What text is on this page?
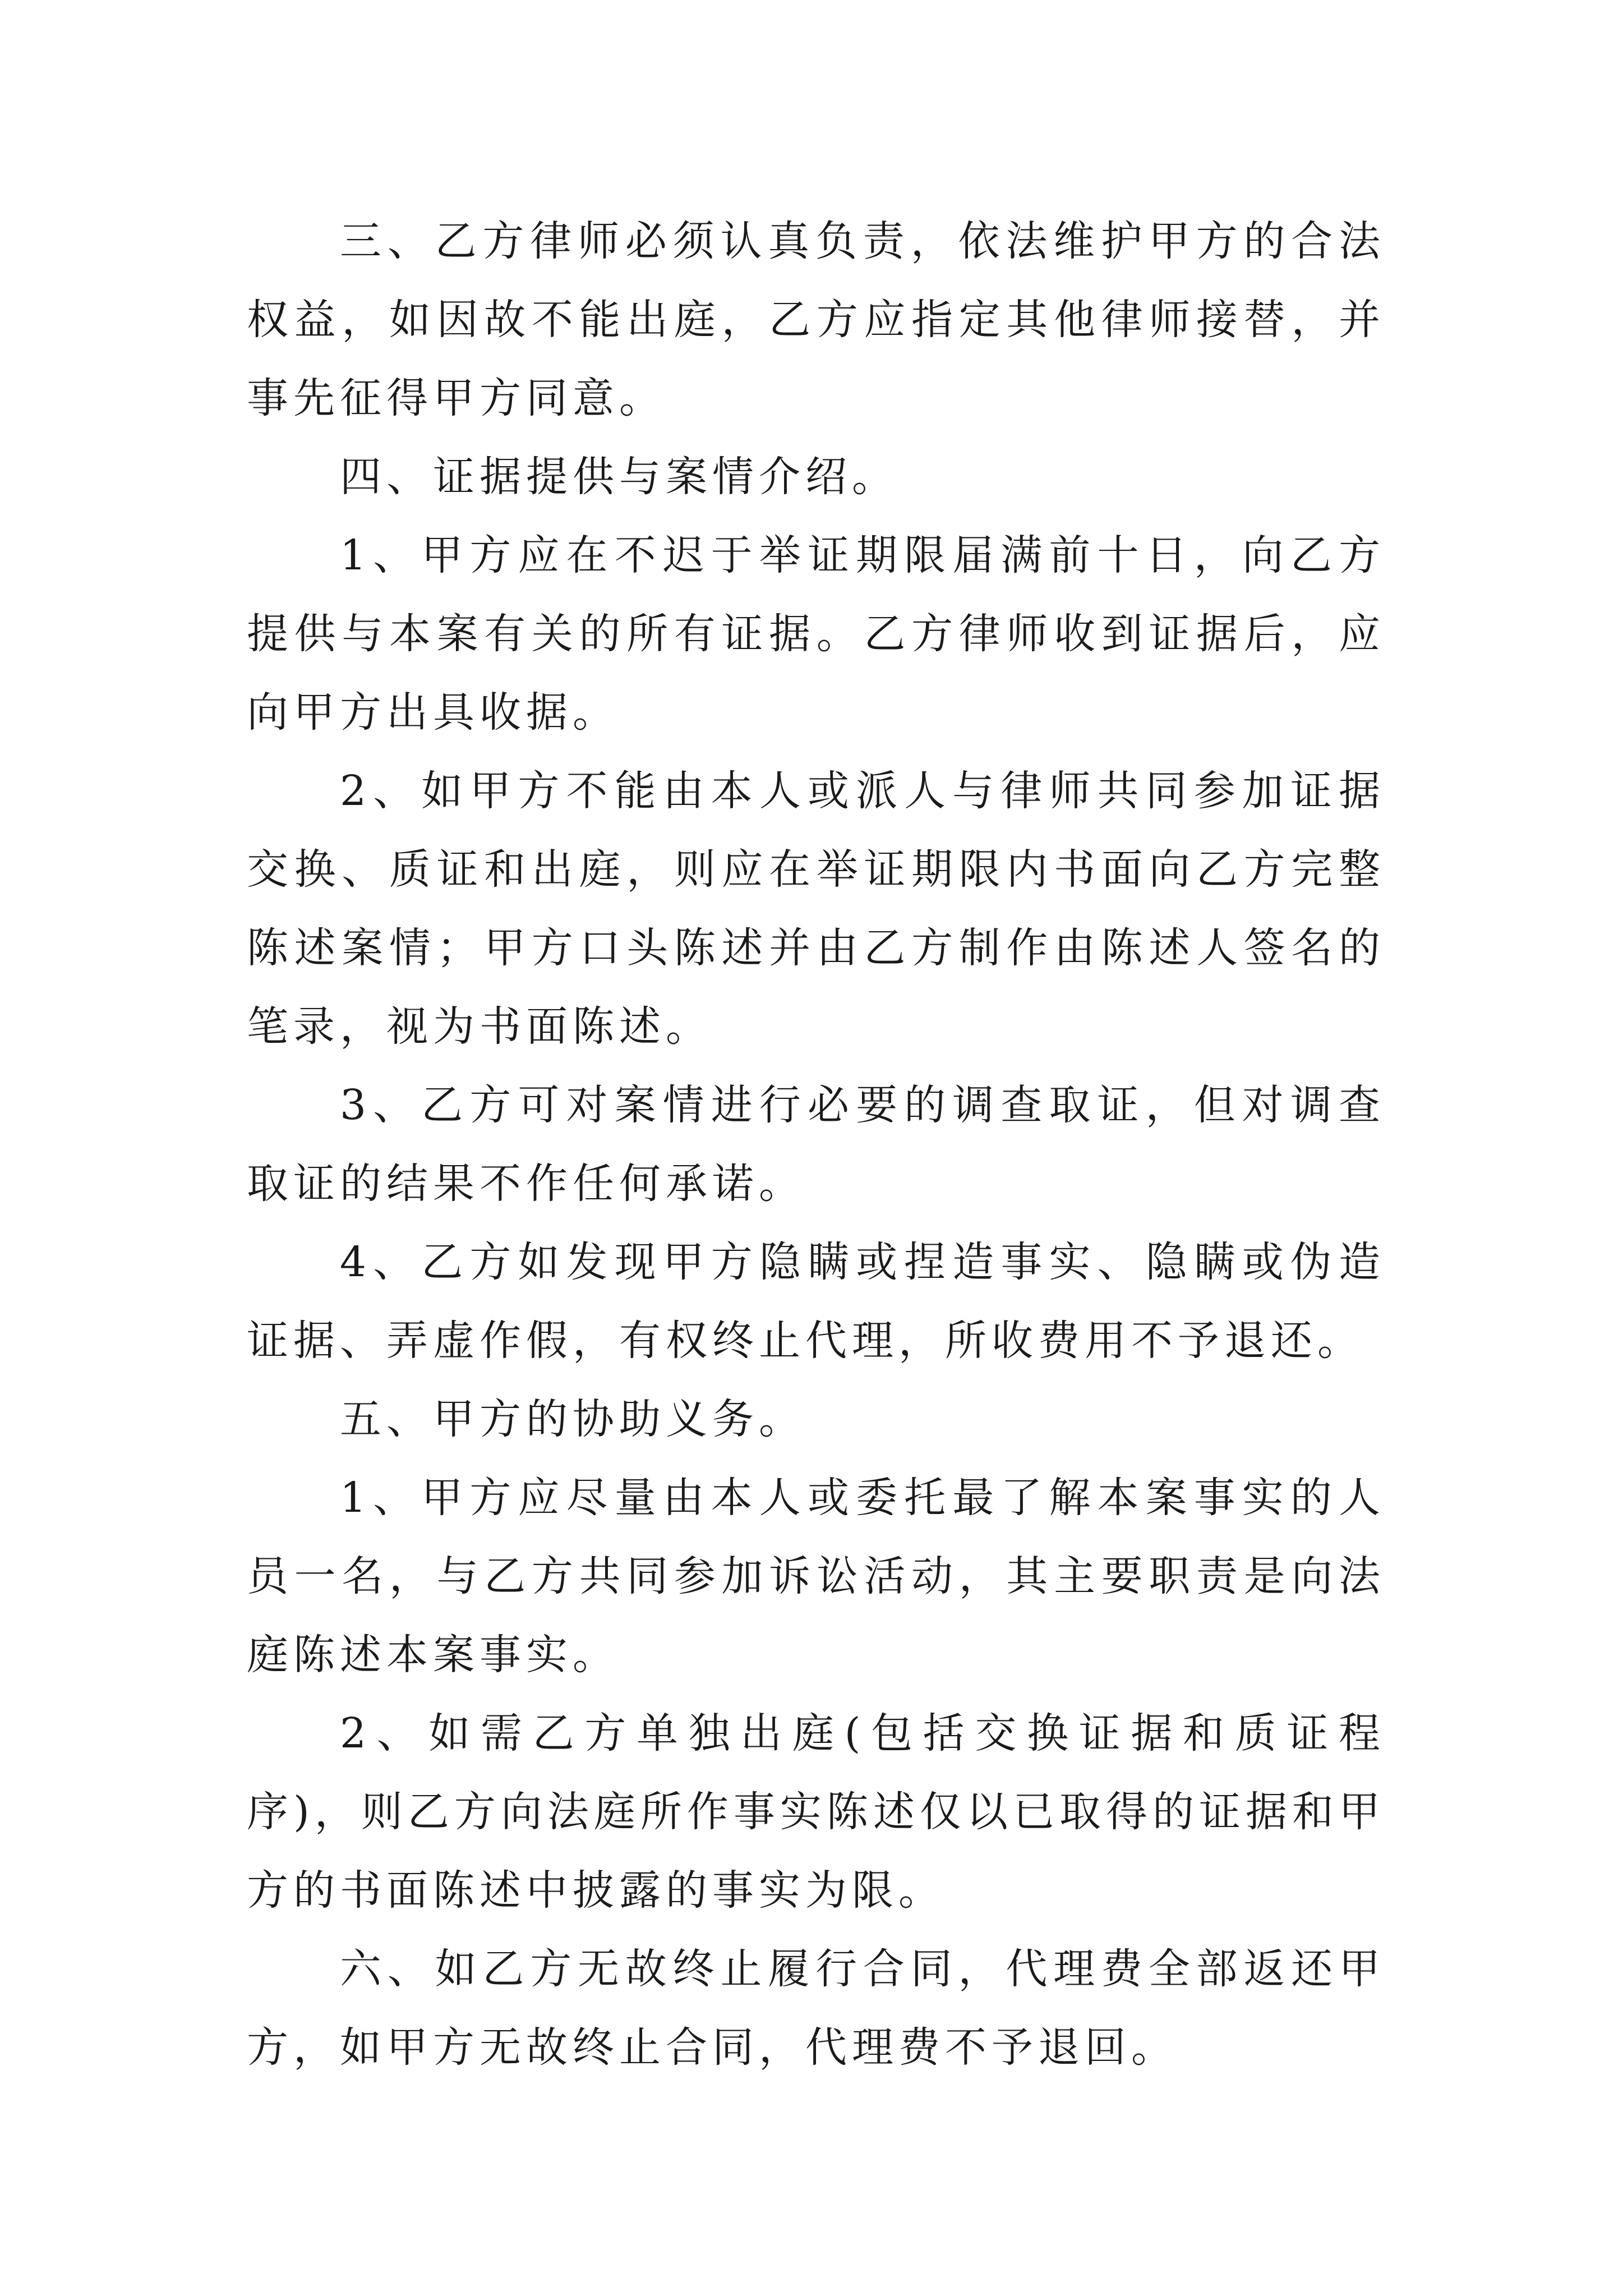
三、乙方律师必须认真负责，依法维护甲方的合法权益，如因故不能出庭，乙方应指定其他律师接替，并事先征得甲方同意。

四、证据提供与案情介绍。

1、甲方应在不迟于举证期限届满前十日，向乙方提供与本案有关的所有证据。乙方律师收到证据后，应向甲方出具收据。

2、如甲方不能由本人或派人与律师共同参加证据交换、质证和出庭，则应在举证期限内书面向乙方完整陈述案情；甲方口头陈述并由乙方制作由陈述人签名的笔录，视为书面陈述。

3、乙方可对案情进行必要的调查取证，但对调查取证的结果不作任何承诺。

4、乙方如发现甲方隐瞒或捏造事实、隐瞒或伪造证据、弄虚作假，有权终止代理，所收费用不予退还。

五、甲方的协助义务。

1、甲方应尽量由本人或委托最了解本案事实的人员一名，与乙方共同参加诉讼活动，其主要职责是向法庭陈述本案事实。

2、如需乙方单独出庭(包括交换证据和质证程序)，则乙方向法庭所作事实陈述仅以已取得的证据和甲方的书面陈述中披露的事实为限。

六、如乙方无故终止履行合同，代理费全部返还甲方，如甲方无故终止合同，代理费不予退回。
